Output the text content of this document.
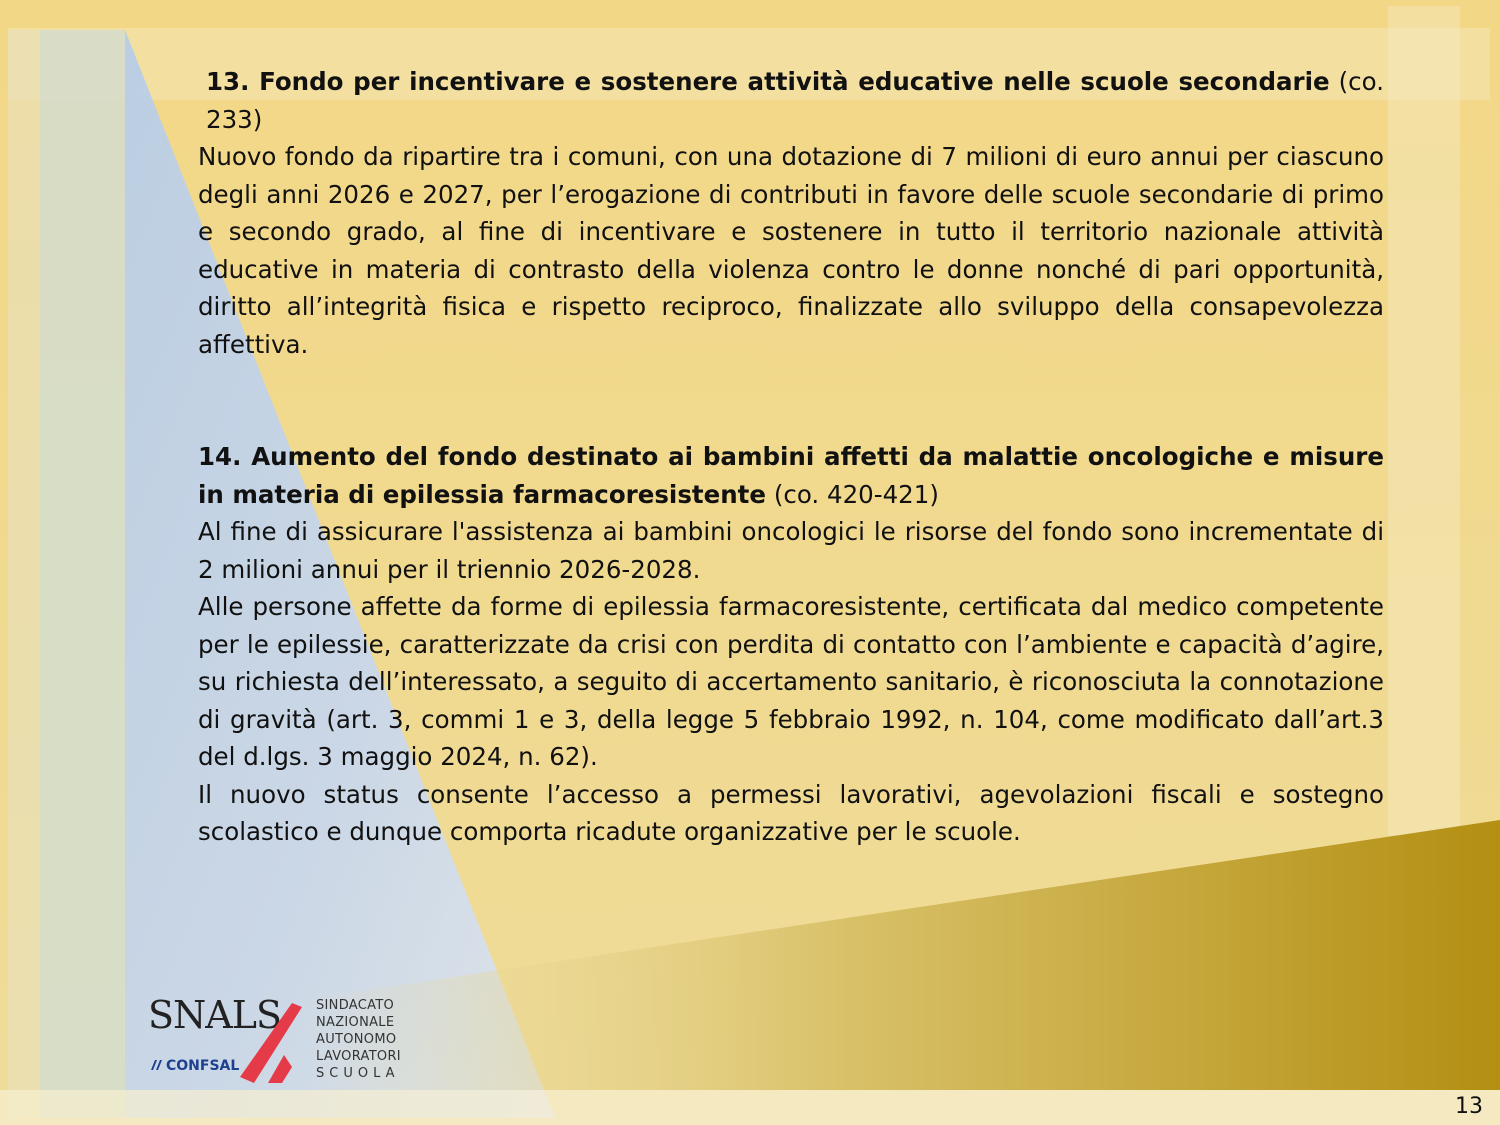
13. Fondo per incentivare e sostenere attività educative nelle scuole secondarie (co. 233)

Nuovo fondo da ripartire tra i comuni, con una dotazione di 7 milioni di euro annui per ciascuno degli anni 2026 e 2027, per l’erogazione di contributi in favore delle scuole secondarie di primo e secondo grado, al fine di incentivare e sostenere in tutto il territorio nazionale attività educative in materia di contrasto della violenza contro le donne nonché di pari opportunità, diritto all’integrità fisica e rispetto reciproco, finalizzate allo sviluppo della consapevolezza affettiva.

14. Aumento del fondo destinato ai bambini affetti da malattie oncologiche e misure in materia di epilessia farmacoresistente (co. 420-421)

Al fine di assicurare l'assistenza ai bambini oncologici le risorse del fondo sono incrementate di 2 milioni annui per il triennio 2026-2028.

Alle persone affette da forme di epilessia farmacoresistente, certificata dal medico competente per le epilessie, caratterizzate da crisi con perdita di contatto con l’ambiente e capacità d’agire, su richiesta dell’interessato, a seguito di accertamento sanitario, è riconosciuta la connotazione di gravità (art. 3, commi 1 e 3, della legge 5 febbraio 1992, n. 104, come modificato dall’art.3 del d.lgs. 3 maggio 2024, n. 62).

Il nuovo status consente l’accesso a permessi lavorativi, agevolazioni fiscali e sostegno scolastico e dunque comporta ricadute organizzative per le scuole.

SNALS
CONFSAL
SINDACATO
NAZIONALE
AUTONOMO
LAVORATORI
SCUOLA
13
